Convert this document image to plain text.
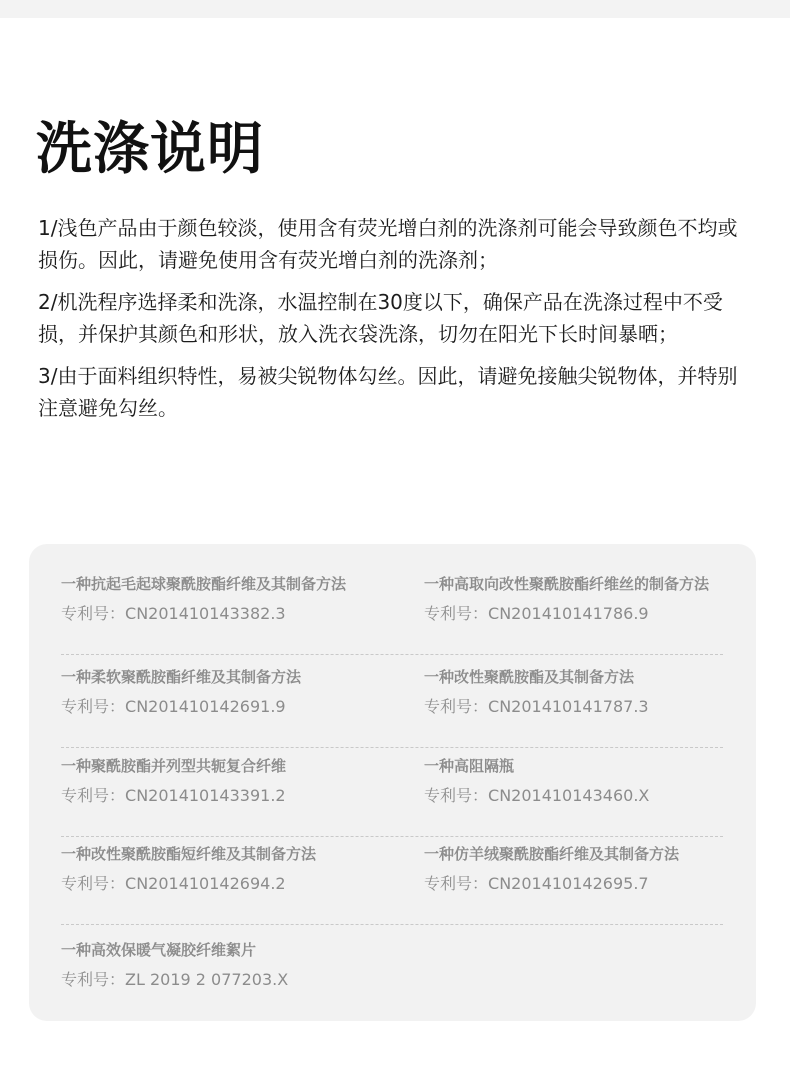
洗涤说明

1/浅色产品由于颜色较淡，使用含有荧光增白剂的洗涤剂可能会导致颜色不均或损伤。因此，请避免使用含有荧光增白剂的洗涤剂；

2/机洗程序选择柔和洗涤，水温控制在30度以下，确保产品在洗涤过程中不受损，并保护其颜色和形状，放入洗衣袋洗涤，切勿在阳光下长时间暴晒；

3/由于面料组织特性，易被尖锐物体勾丝。因此，请避免接触尖锐物体，并特别注意避免勾丝。

一种抗起毛起球聚酰胺酯纤维及其制备方法
专利号：CN201410143382.3
一种高取向改性聚酰胺酯纤维丝的制备方法
专利号：CN201410141786.9
一种柔软聚酰胺酯纤维及其制备方法
专利号：CN201410142691.9
一种改性聚酰胺酯及其制备方法
专利号：CN201410141787.3
一种聚酰胺酯并列型共轭复合纤维
专利号：CN201410143391.2
一种高阻隔瓶
专利号：CN201410143460.X
一种改性聚酰胺酯短纤维及其制备方法
专利号：CN201410142694.2
一种仿羊绒聚酰胺酯纤维及其制备方法
专利号：CN201410142695.7
一种高效保暖气凝胶纤维絮片
专利号：ZL 2019 2 077203.X
